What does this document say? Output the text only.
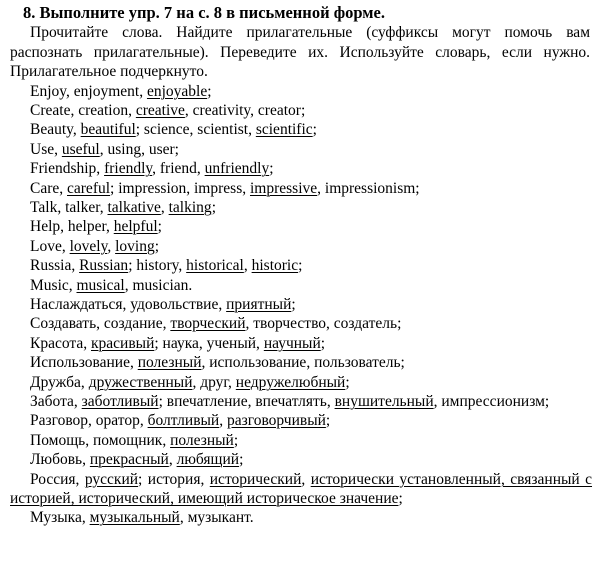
8. Выполните упр. 7 на с. 8 в письменной форме.

Прочитайте слова. Найдите прилагательные (суффиксы могут помочь вам распознать прилагательные). Переведите их. Используйте словарь, если нужно. Прилагательное подчеркнуто.

Enjoy, enjoyment, enjoyable;
Create, creation, creative, creativity, creator;
Beauty, beautiful; science, scientist, scientific;
Use, useful, using, user;
Friendship, friendly, friend, unfriendly;
Care, careful; impression, impress, impressive, impressionism;
Talk, talker, talkative, talking;
Help, helper, helpful;
Love, lovely, loving;
Russia, Russian; history, historical, historic;
Music, musical, musician.
Наслаждаться, удовольствие, приятный;
Создавать, создание, творческий, творчество, создатель;
Красота, красивый; наука, ученый, научный;
Использование, полезный, использование, пользователь;
Дружба, дружественный, друг, недружелюбный;
Забота, заботливый; впечатление, впечатлять, внушительный, импрессионизм;
Разговор, оратор, болтливый, разговорчивый;
Помощь, помощник, полезный;
Любовь, прекрасный, любящий;
Россия, русский; история, исторический, исторически установленный, связанный с историей, исторический, имеющий историческое значение;
Музыка, музыкальный, музыкант.
